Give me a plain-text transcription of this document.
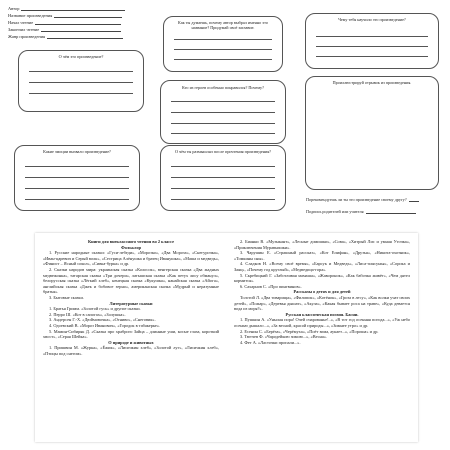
Автор
Название произведения
Начал чтение
Закончил чтение
Жанр произведения
О чём это произведение?
Как ты думаешь, почему автор выбрал именно это название? Придумай своё заглавие.
Чему тебя научило это произведение?
Кто из героев особенно понравился? Почему?
Проиллюстрируй отрывок из произведения.
Какие эмоции вызвало произведение?	О чём ты размышлял после прочтения произведения?
Порекомендуешь ли ты это произведение своему другу?
Подпись родителей или учителя

Книги для внеклассного чтения во 2 классе

Фольклор

1. Русские народные сказки: «Гуси-лебеди», «Морозко», «Два Мороза», «Снегурочка», «Иван-царевич и Серый волк», «Сестрица Алёнушка и братец Иванушка», «Маша и медведь», «Финист – Ясный сокол», «Сивка-бурка» и др.

2. Сказки народов мира: украинская сказка «Колосок», венгерская сказка «Два жадных медвежонка», татарская сказка «Три дочери», латышская сказка «Как петух лису обманул», белорусская сказка «Лёгкий хлеб», ненецкая сказка «Кукушка», нанайская сказка «Айога», английская сказка «Джек и бобовое зерно», американская сказка «Мудрый и неразумные братья».

3. Бытовые сказки.

Литературные сказки

1. Братья Гримм. «Золотой гусь» и другие сказки.

2. Перро Ш. «Кот в сапогах», «Золушка».

3. Андерсен Г.-Х. «Дюймовочка», «Огниво», «Снеговик».

4. Одоевский В. «Мороз Иванович», «Городок в табакерке».

5. Мамин-Сибиряк Д. «Сказка про храброго Зайца – длинные уши, косые глаза, короткий хвост», «Серая Шейка».

О природе и животных

1. Пришвин М. «Журка», «Ёжик», «Лисичкин хлеб», «Золотой луг», «Лисичкин хлеб», «Птицы под снегом».

2. Бианки В. «Музыкант», «Лесные домишки», «Сова», «Хитрый Лис и умная Уточка», «Приключения Муравьишки».

3. Чарушин Е. «Страшный рассказ», «Кот Епифан», «Друзья», «Никита-охотник», «Томкины сны».

4. Сладков Н. «Всему своё время», «Барсук и Медведь», «Лиса-плясунья», «Сорока и Заяц», «Почему год круглый», «Медведица-гора».

5. Скребицкий Г. «Заботливая мамаша», «Жаворонок», «Как бабочка живёт», «Чем дятел кормится».

6. Сахарнов С. «Про пингвинов».

Рассказы о детях и для детей

Толстой Л. «Два товарища», «Филипок», «Котёнок», «Гроза в лесу», «Как волки учат своих детей», «Пожар», «Деревья дышат», «Акула», «Какая бывает роса на траве», «Куда девается вода из моря?».

Русская классическая поэзия. Басни.

1. Пушкин А. «Унылая пора! Очей очарованье!..», «В тот год осенняя погода...», «Уж небо осенью дышало...», «За весной, красой природы...», «Зимнее утро» и др.

2. Есенин С. «Берёза», «Черёмуха», «Поёт зима, аукает...», «Пороша» и др.

3. Тютчев Ф. «Чародейкою зимою...», «Весна».

4. Фет А. «Ласточки пропали...».
